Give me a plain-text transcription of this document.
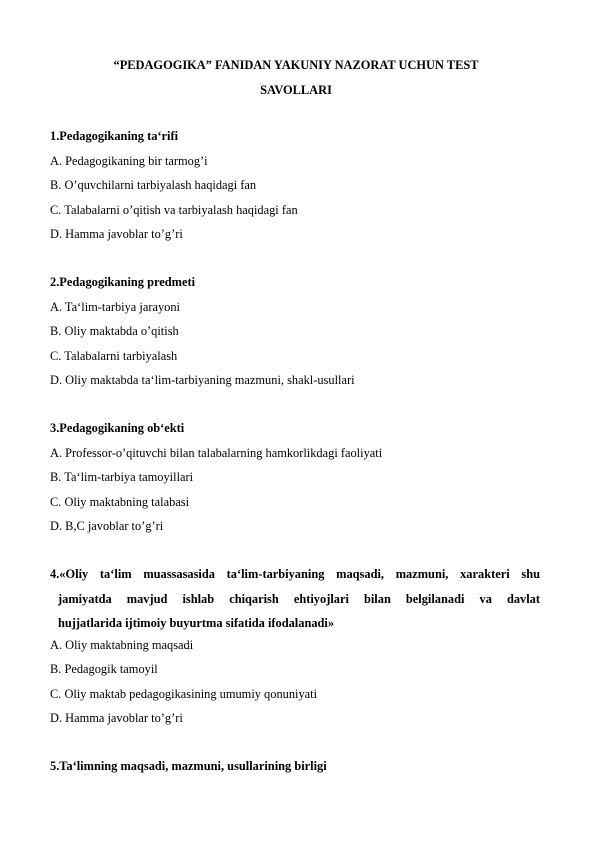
“PEDAGOGIKA” FANIDAN YAKUNIY NAZORAT UCHUN TEST
SAVOLLARI
1.Pedagogikaning ta‘rifi
A. Pedagogikaning bir tarmog’i
B. O’quvchilarni tarbiyalash haqidagi fan
C. Talabalarni o’qitish va tarbiyalash haqidagi fan
D. Hamma javoblar to’g’ri
2.Pedagogikaning predmeti
A. Ta‘lim-tarbiya jarayoni
B. Oliy maktabda o’qitish
C. Talabalarni tarbiyalash
D. Oliy maktabda ta‘lim-tarbiyaning mazmuni, shakl-usullari
3.Pedagogikaning ob‘ekti
A. Professor-o’qituvchi bilan talabalarning hamkorlikdagi faoliyati
B. Ta‘lim-tarbiya tamoyillari
C. Oliy maktabning talabasi
D. B,C javoblar to’g’ri
4.«Oliy ta‘lim muassasasida ta‘lim-tarbiyaning maqsadi, mazmuni, xarakteri shu
jamiyatda mavjud ishlab chiqarish ehtiyojlari bilan belgilanadi va davlat
hujjatlarida ijtimoiy buyurtma sifatida ifodalanadi»
A. Oliy maktabning maqsadi
B. Pedagogik tamoyil
C. Oliy maktab pedagogikasining umumiy qonuniyati
D. Hamma javoblar to’g’ri
5.Ta‘limning maqsadi, mazmuni, usullarining birligi
